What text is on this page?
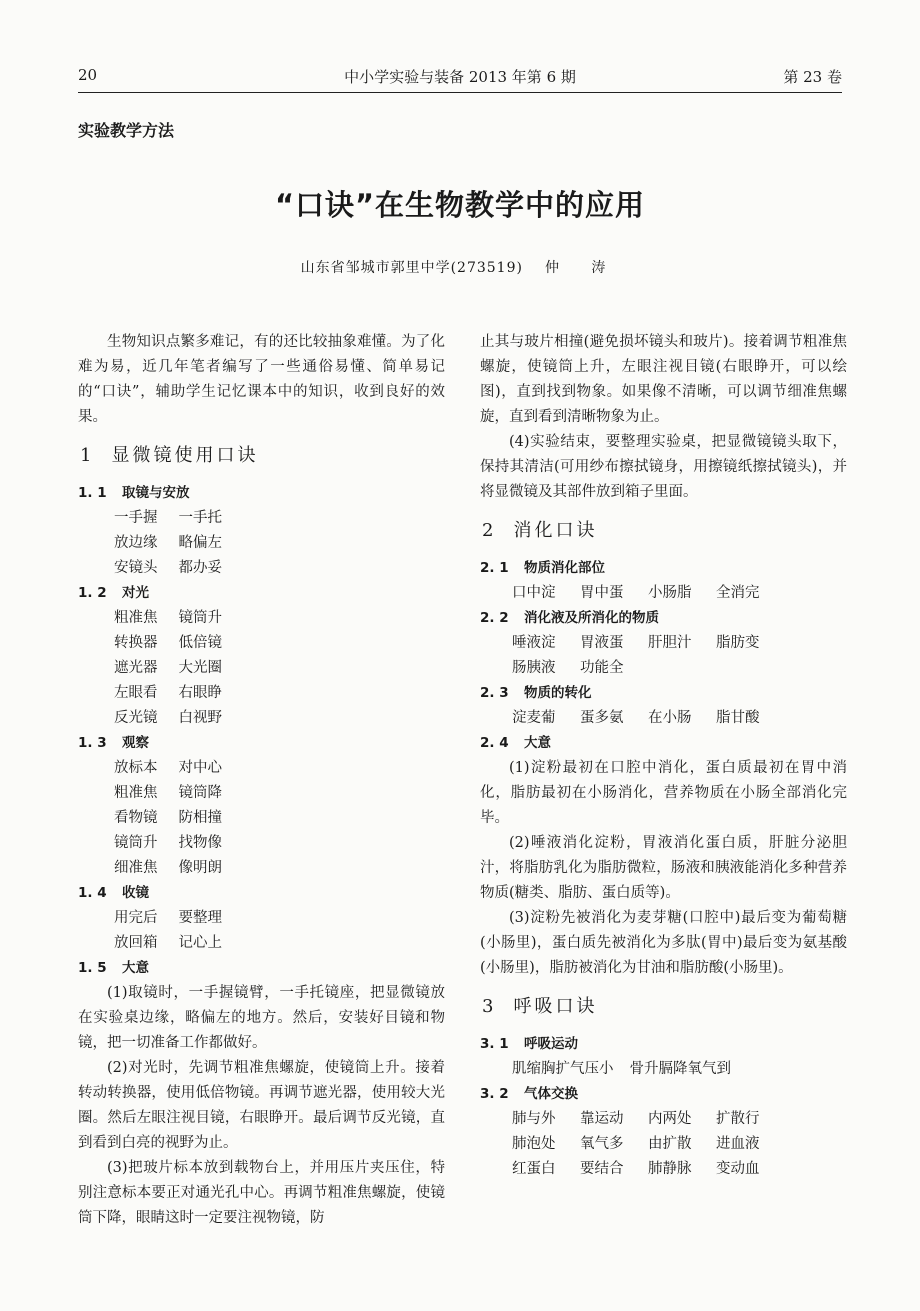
20	中小学实验与装备 2013 年第 6 期	第 23 卷
实验教学方法
“口诀”在生物教学中的应用
山东省邹城市郭里中学(273519) 仲 涛

生物知识点繁多难记，有的还比较抽象难懂。为了化难为易，近几年笔者编写了一些通俗易懂、简单易记的“口诀”，辅助学生记忆课本中的知识，收到良好的效果。

1 显微镜使用口诀
1. 1 取镜与安放
一手握 一手托
放边缘 略偏左
安镜头 都办妥
1. 2 对光
粗准焦 镜筒升
转换器 低倍镜
遮光器 大光圈
左眼看 右眼睁
反光镜 白视野
1. 3 观察
放标本 对中心
粗准焦 镜筒降
看物镜 防相撞
镜筒升 找物像
细准焦 像明朗
1. 4 收镜
用完后 要整理
放回箱 记心上
1. 5 大意

(1)取镜时，一手握镜臂，一手托镜座，把显微镜放在实验桌边缘，略偏左的地方。然后，安装好目镜和物镜，把一切准备工作都做好。

(2)对光时，先调节粗准焦螺旋，使镜筒上升。接着转动转换器，使用低倍物镜。再调节遮光器，使用较大光圈。然后左眼注视目镜，右眼睁开。最后调节反光镜，直到看到白亮的视野为止。

(3)把玻片标本放到载物台上，并用压片夹压住，特别注意标本要正对通光孔中心。再调节粗准焦螺旋，使镜筒下降，眼睛这时一定要注视物镜，防

止其与玻片相撞(避免损坏镜头和玻片)。接着调节粗准焦螺旋，使镜筒上升，左眼注视目镜(右眼睁开，可以绘图)，直到找到物象。如果像不清晰，可以调节细准焦螺旋，直到看到清晰物象为止。

(4)实验结束，要整理实验桌，把显微镜镜头取下，保持其清洁(可用纱布擦拭镜身，用擦镜纸擦拭镜头)，并将显微镜及其部件放到箱子里面。

2 消化口诀
2. 1 物质消化部位
口中淀 胃中蛋 小肠脂 全消完
2. 2 消化液及所消化的物质
唾液淀 胃液蛋 肝胆汁 脂肪变
肠胰液 功能全
2. 3 物质的转化
淀麦葡 蛋多氨 在小肠 脂甘酸
2. 4 大意

(1)淀粉最初在口腔中消化，蛋白质最初在胃中消化，脂肪最初在小肠消化，营养物质在小肠全部消化完毕。

(2)唾液消化淀粉，胃液消化蛋白质，肝脏分泌胆汁，将脂肪乳化为脂肪微粒，肠液和胰液能消化多种营养物质(糖类、脂肪、蛋白质等)。

(3)淀粉先被消化为麦芽糖(口腔中)最后变为葡萄糖(小肠里)，蛋白质先被消化为多肽(胃中)最后变为氨基酸(小肠里)，脂肪被消化为甘油和脂肪酸(小肠里)。

3 呼吸口诀
3. 1 呼吸运动
肌缩胸扩气压小 骨升膈降氧气到
3. 2 气体交换
肺与外 靠运动 内两处 扩散行
肺泡处 氧气多 由扩散 进血液
红蛋白 要结合 肺静脉 变动血
